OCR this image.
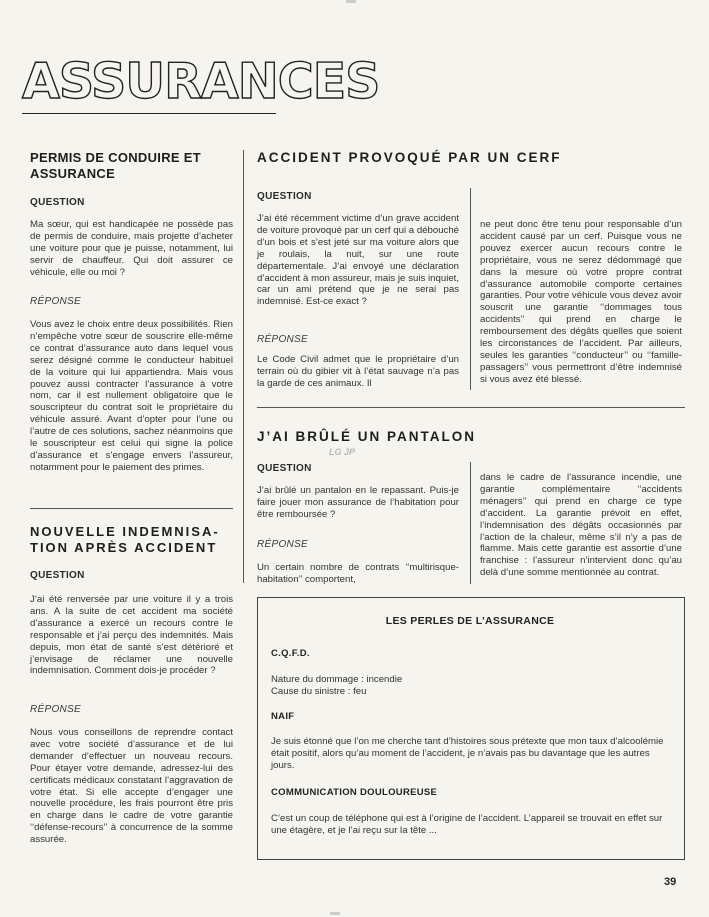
ASSURANCES
PERMIS DE CONDUIRE ET ASSURANCE
QUESTION

Ma sœur, qui est handicapée ne possède pas de permis de conduire, mais projette d’acheter une voiture pour que je puisse, notamment, lui servir de chauffeur. Qui doit assurer ce véhicule, elle ou moi ?

RÉPONSE

Vous avez le choix entre deux possibilités. Rien n’empêche votre sœur de souscrire elle-même ce contrat d’assurance auto dans lequel vous serez désigné comme le conducteur habituel de la voiture qui lui appartiendra. Mais vous pouvez aussi contracter l’assurance à votre nom, car il est nullement obligatoire que le souscripteur du contrat soit le propriétaire du véhicule assuré. Avant d’opter pour l’une ou l’autre de ces solutions, sachez néanmoins que le souscripteur est celui qui signe la police d’assurance et s’engage envers l’assureur, notamment pour le paiement des primes.

NOUVELLE INDEMNISA-
TION APRÈS ACCIDENT
QUESTION

J’ai été renversée par une voiture il y a trois ans. A la suite de cet accident ma société d’assurance a exercé un recours contre le responsable et j’ai perçu des indemnités. Mais depuis, mon état de santé s’est détérioré et j’envisage de réclamer une nouvelle indemnisation. Comment dois-je procéder ?

RÉPONSE

Nous vous conseillons de reprendre contact avec votre société d’assurance et de lui demander d’effectuer un nouveau recours. Pour étayer votre demande, adressez-lui des certificats médicaux constatant l’aggravation de votre état. Si elle accepte d’engager une nouvelle procédure, les frais pourront être pris en charge dans le cadre de votre garantie ‘‘défense-recours’’ à concurrence de la somme assurée.

ACCIDENT PROVOQUÉ PAR UN CERF
QUESTION

J’ai été récemment victime d’un grave accident de voiture provoqué par un cerf qui a débouché d’un bois et s’est jeté sur ma voiture alors que je roulais, la nuit, sur une route départementale. J’ai envoyé une déclaration d’accident à mon assureur, mais je suis inquiet, car un ami prétend que je ne serai pas indemnisé. Est-ce exact ?

RÉPONSE

Le Code Civil admet que le propriétaire d’un terrain où du gibier vit à l’état sauvage n’a pas la garde de ces animaux. Il

ne peut donc être tenu pour responsable d’un accident causé par un cerf. Puisque vous ne pouvez exercer aucun recours contre le propriétaire, vous ne serez dédommagé que dans la mesure où votre propre contrat d’assurance automobile comporte certaines garanties. Pour votre véhicule vous devez avoir souscrit une garantie ‘‘dommages tous accidents’’ qui prend en charge le remboursement des dégâts quelles que soient les circonstances de l’accident. Par ailleurs, seules les garanties ‘‘conducteur’’ ou ‘‘famille-passagers’’ vous permettront d’être indemnisé si vous avez été blessé.

J’AI BRÛLÉ UN PANTALON
QUESTION

J’ai brûlé un pantalon en le repassant. Puis-je faire jouer mon assurance de l’habitation pour être remboursée ?

RÉPONSE

Un certain nombre de contrats ‘‘multirisque-habitation’’ comportent,

dans le cadre de l’assurance incendie, une garantie complémentaire ‘‘accidents ménagers’’ qui prend en charge ce type d’accident. La garantie prévoit en effet, l’indemnisation des dégâts occasionnés par l’action de la chaleur, même s’il n’y a pas de flamme. Mais cette garantie est assortie d’une franchise : l’assureur n’intervient donc qu’au delà d’une somme mentionnée au contrat.

LG JP
LES PERLES DE L’ASSURANCE
C.Q.F.D.

Nature du dommage : incendie

Cause du sinistre : feu

NAIF

Je suis étonné que l’on me cherche tant d’histoires sous prétexte que mon taux d’alcoolémie était positif, alors qu’au moment de l’accident, je n’avais pas bu davantage que les autres jours.

COMMUNICATION DOULOUREUSE

C’est un coup de téléphone qui est à l’origine de l’accident. L’appareil se trouvait en effet sur une étagère, et je l’ai reçu sur la tête ...

39
